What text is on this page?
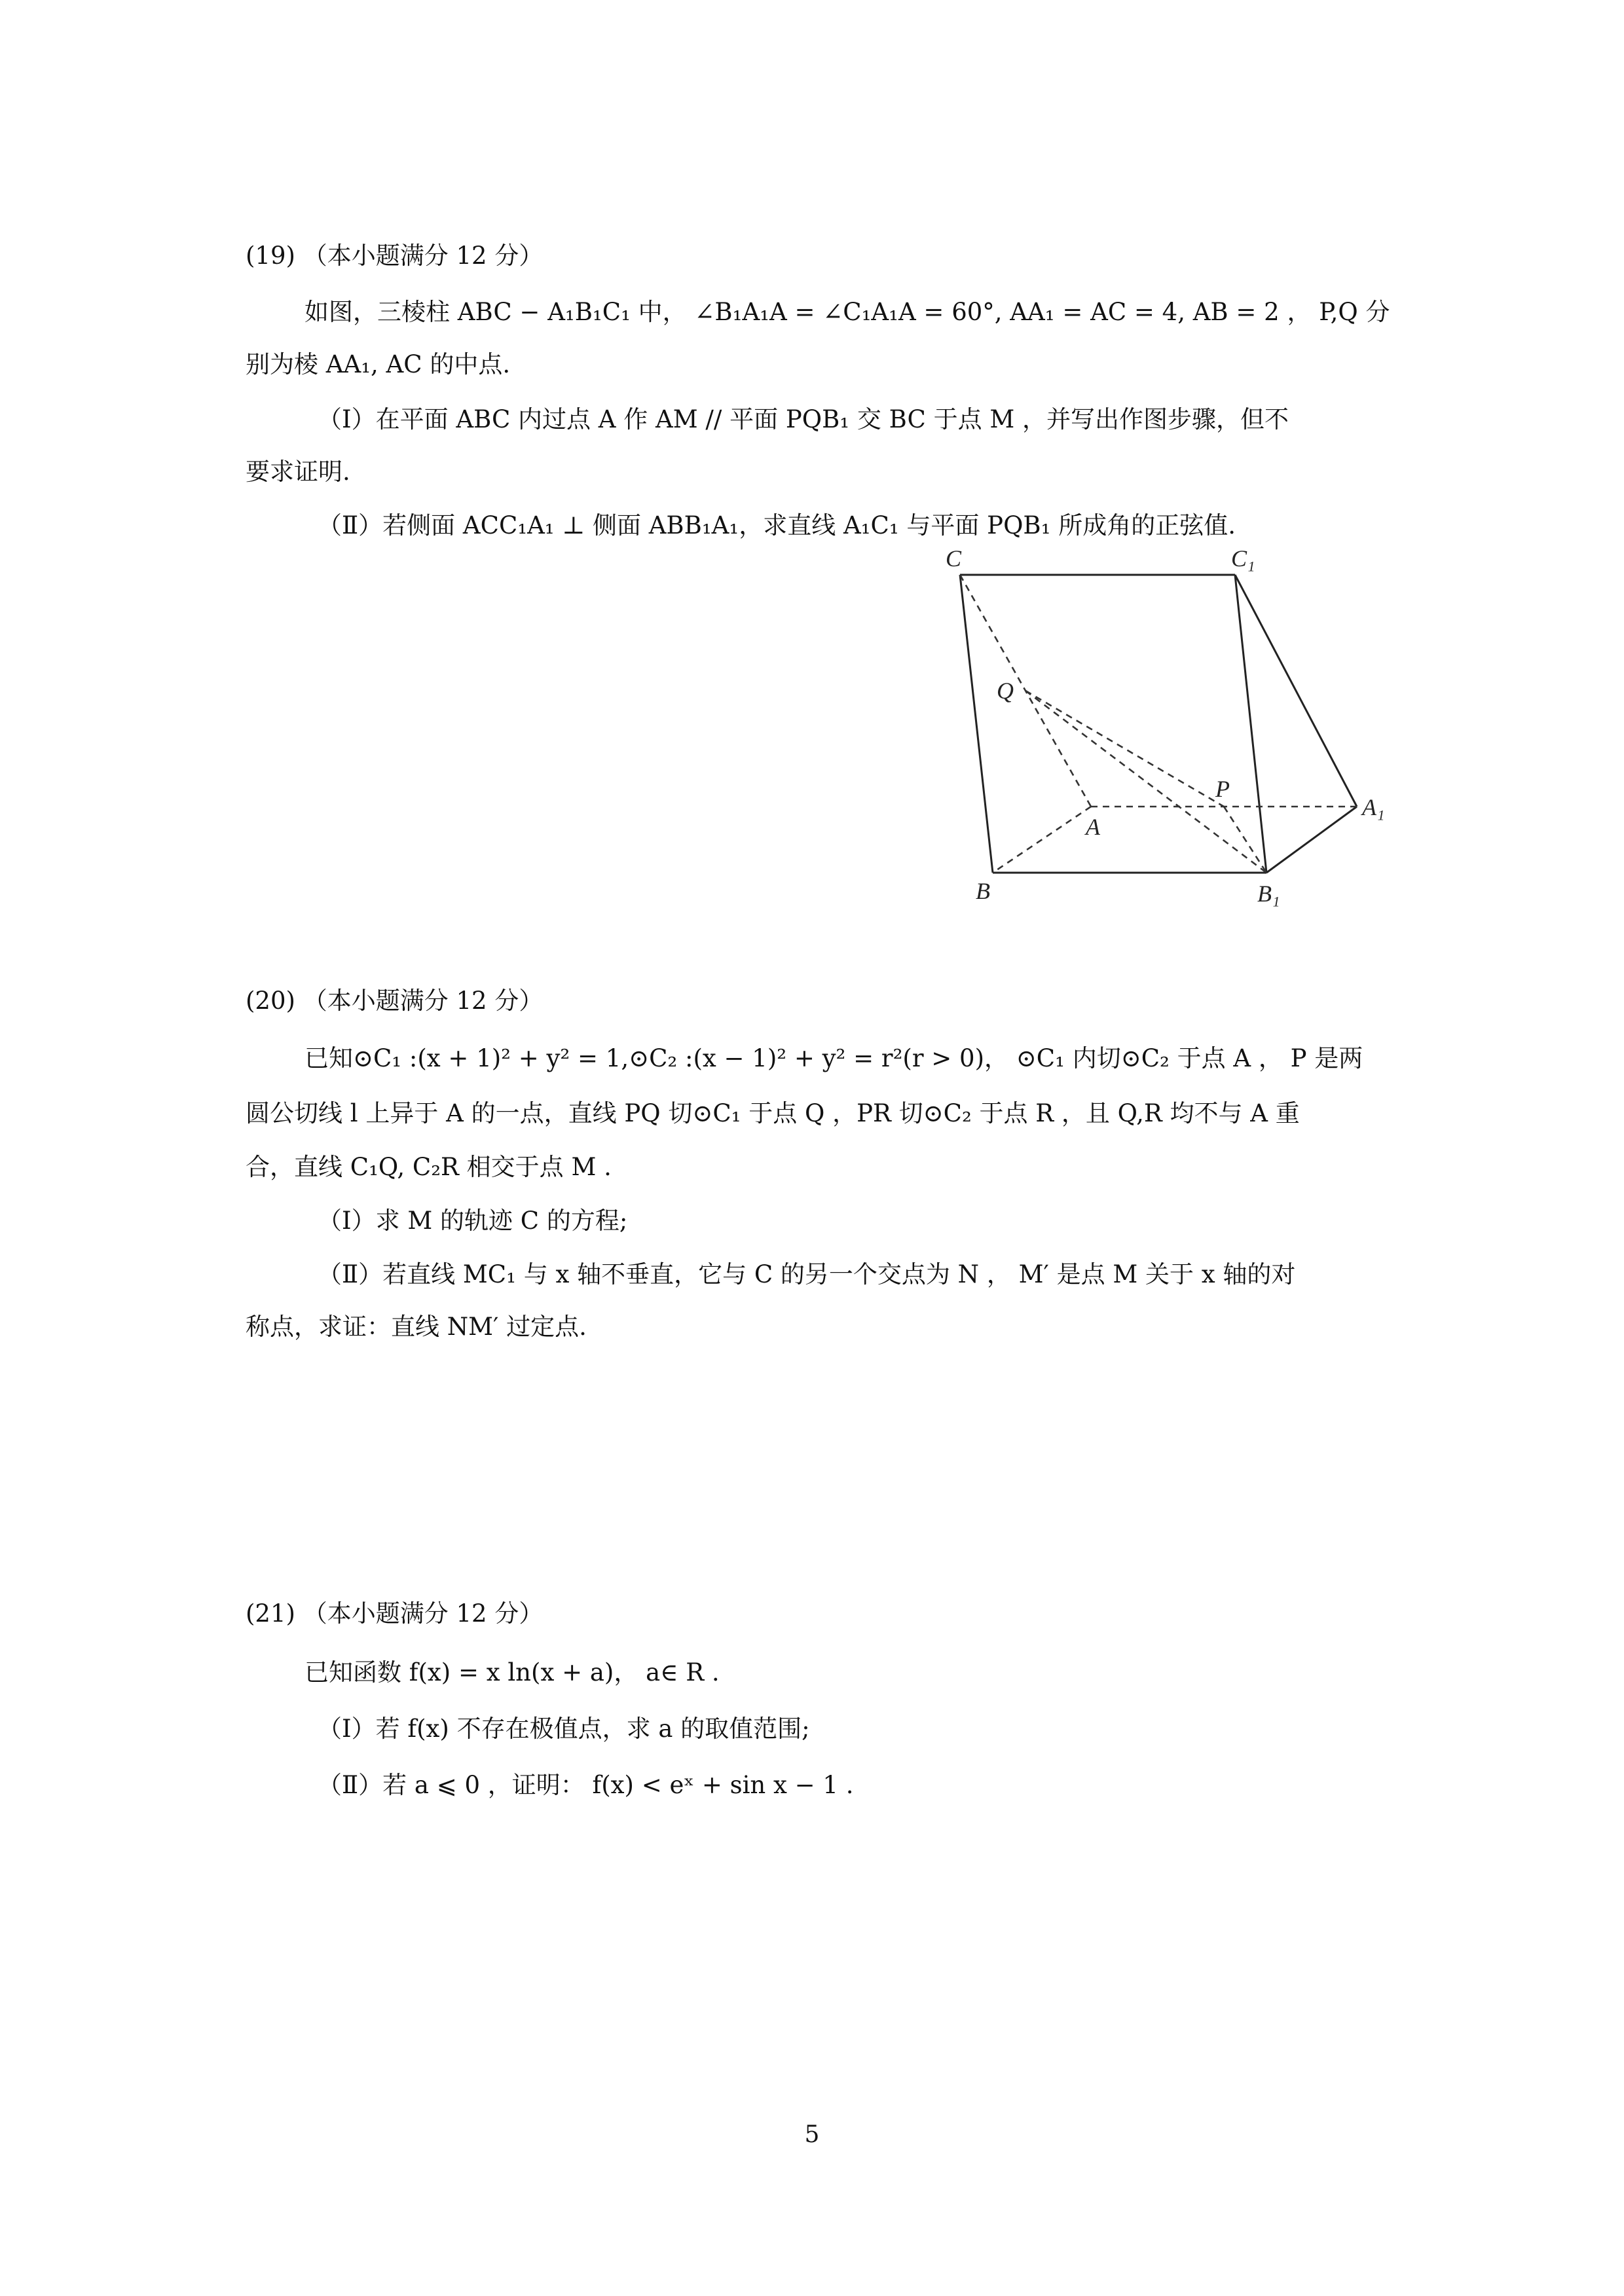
(19) （本小题满分 12 分）
如图，三棱柱 ABC − A₁B₁C₁ 中， ∠B₁A₁A = ∠C₁A₁A = 60°, AA₁ = AC = 4, AB = 2 ， P,Q 分
别为棱 AA₁, AC 的中点.
（Ⅰ）在平面 ABC 内过点 A 作 AM // 平面 PQB₁ 交 BC 于点 M ，并写出作图步骤，但不
要求证明.
（Ⅱ）若侧面 ACC₁A₁ ⊥ 侧面 ABB₁A₁，求直线 A₁C₁ 与平面 PQB₁ 所成角的正弦值.
C	C₁
Q
P
A
A₁
B	B₁
(20) （本小题满分 12 分）
已知⊙C₁ :(x + 1)² + y² = 1,⊙C₂ :(x − 1)² + y² = r²(r > 0)， ⊙C₁ 内切⊙C₂ 于点 A ， P 是两
圆公切线 l 上异于 A 的一点，直线 PQ 切⊙C₁ 于点 Q ，PR 切⊙C₂ 于点 R ，且 Q,R 均不与 A 重
合，直线 C₁Q, C₂R 相交于点 M .
（Ⅰ）求 M 的轨迹 C 的方程;
（Ⅱ）若直线 MC₁ 与 x 轴不垂直，它与 C 的另一个交点为 N ， M′ 是点 M 关于 x 轴的对
称点，求证：直线 NM′ 过定点.
(21) （本小题满分 12 分）
已知函数 f(x) = x ln(x + a)， a∈ R .
（Ⅰ）若 f(x) 不存在极值点，求 a 的取值范围;
（Ⅱ）若 a ⩽ 0 ，证明： f(x) < eˣ + sin x − 1 .
5
